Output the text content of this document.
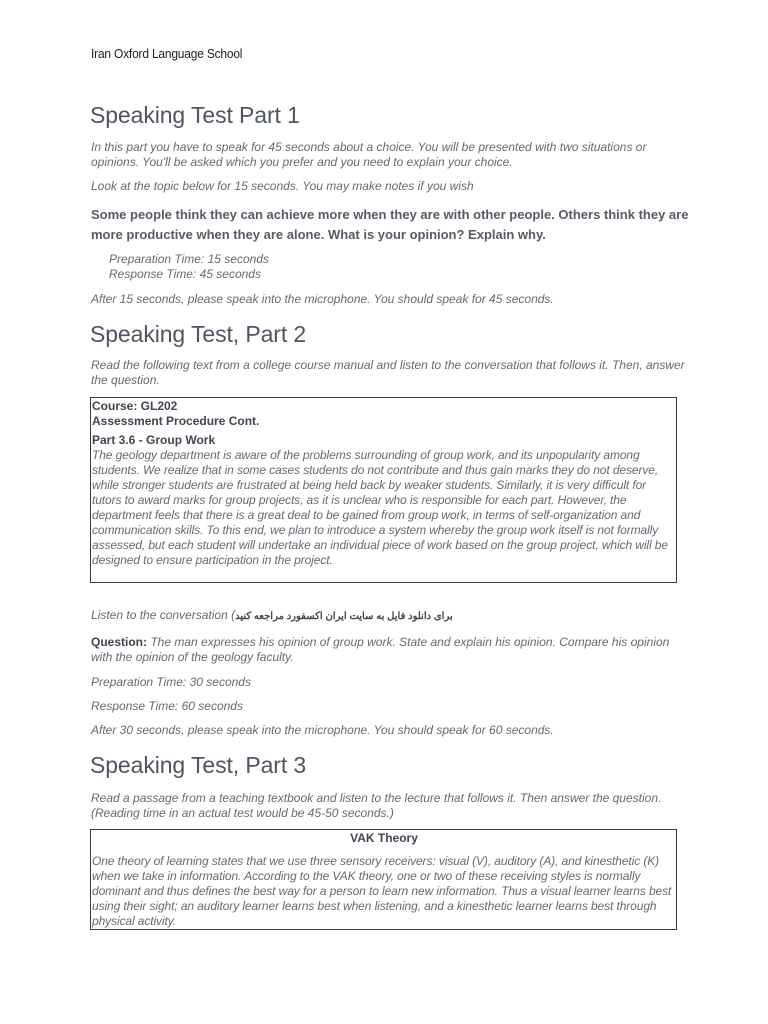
Iran Oxford Language School
Speaking Test Part 1

In this part you have to speak for 45 seconds about a choice. You will be presented with two situations or opinions. You'll be asked which you prefer and you need to explain your choice.

Look at the topic below for 15 seconds. You may make notes if you wish

Some people think they can achieve more when they are with other people. Others think they are more productive when they are alone. What is your opinion? Explain why.

Preparation Time: 15 seconds

Response Time: 45 seconds

After 15 seconds, please speak into the microphone. You should speak for 45 seconds.

Speaking Test, Part 2

Read the following text from a college course manual and listen to the conversation that follows it. Then, answer the question.

Course: GL202
Assessment Procedure Cont.
Part 3.6 - Group Work
The geology department is aware of the problems surrounding of group work, and its unpopularity among students. We realize that in some cases students do not contribute and thus gain marks they do not deserve, while stronger students are frustrated at being held back by weaker students. Similarly, it is very difficult for tutors to award marks for group projects, as it is unclear who is responsible for each part. However, the department feels that there is a great deal to be gained from group work, in terms of self-organization and communication skills. To this end, we plan to introduce a system whereby the group work itself is not formally assessed, but each student will undertake an individual piece of work based on the group project, which will be designed to ensure participation in the project.

Listen to the conversation (برای دانلود فایل به سایت ایران اکسفورد مراجعه کنید

Question: The man expresses his opinion of group work. State and explain his opinion. Compare his opinion with the opinion of the geology faculty.

Preparation Time: 30 seconds

Response Time: 60 seconds

After 30 seconds, please speak into the microphone. You should speak for 60 seconds.

Speaking Test, Part 3

Read a passage from a teaching textbook and listen to the lecture that follows it. Then answer the question. (Reading time in an actual test would be 45-50 seconds.)

VAK Theory
One theory of learning states that we use three sensory receivers: visual (V), auditory (A), and kinesthetic (K) when we take in information. According to the VAK theory, one or two of these receiving styles is normally dominant and thus defines the best way for a person to learn new information. Thus a visual learner learns best using their sight; an auditory learner learns best when listening, and a kinesthetic learner learns best through physical activity.
